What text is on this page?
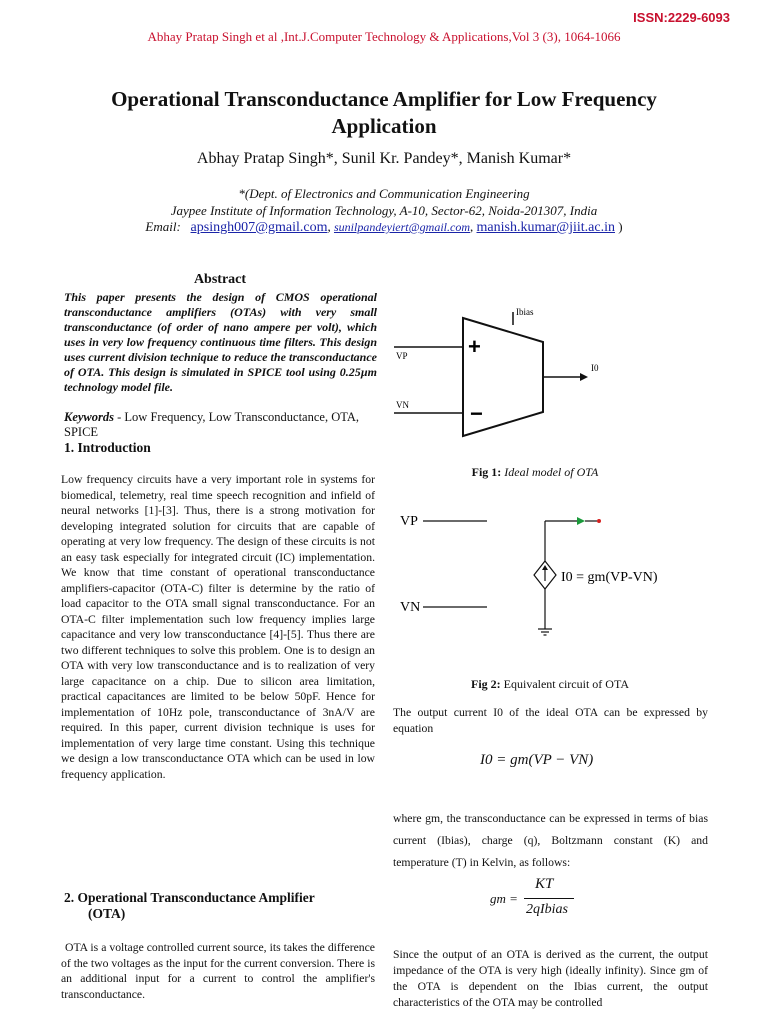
ISSN:2229-6093
Abhay Pratap Singh et al ,Int.J.Computer Technology & Applications,Vol 3 (3), 1064-1066
Operational Transconductance Amplifier for Low Frequency
Application
Abhay Pratap Singh*, Sunil Kr. Pandey*, Manish Kumar*
*(Dept. of Electronics and Communication Engineering
Jaypee Institute of Information Technology, A-10, Sector-62, Noida-201307, India
Email: apsingh007@gmail.com, sunilpandeyiert@gmail.com, manish.kumar@jiit.ac.in )
Abstract
This paper presents the design of CMOS operational transconductance amplifiers (OTAs) with very small transconductance (of order of nano ampere per volt), which uses in very low frequency continuous time filters. This design uses current division technique to reduce the transconductance of OTA. This design is simulated in SPICE tool using 0.25µm technology model file.
Keywords - Low Frequency, Low Transconductance, OTA, SPICE
1. Introduction
Low frequency circuits have a very important role in systems for biomedical, telemetry, real time speech recognition and infield of neural networks [1]-[3]. Thus, there is a strong motivation for developing integrated solution for circuits that are capable of operating at very low frequency. The design of these circuits is not an easy task especially for integrated circuit (IC) implementation. We know that time constant of operational transconductance amplifiers-capacitor (OTA-C) filter is determine by the ratio of load capacitor to the OTA small signal transconductance. For an OTA-C filter implementation such low frequency implies large capacitance and very low transconductance [4]-[5]. Thus there are two different techniques to solve this problem. One is to design an OTA with very low transconductance and is to realization of very large capacitance on a chip. Due to silicon area limitation, practical capacitances are limited to be below 50pF. Hence for implementation of 10Hz pole, transconductance of 3nA/V are required. In this paper, current division technique is uses for implementation of very large time constant. Using this technique we design a low transconductance OTA which can be used in low frequency application.
2. Operational Transconductance Amplifier
(OTA)
OTA is a voltage controlled current source, its takes the difference of the two voltages as the input for the current conversion. There is an additional input for a current to control the amplifier's transconductance.
Ibias
VP
VN
+
−
I0
Fig 1: Ideal model of OTA
VP
VN
I0 = gm(VP-VN)
Fig 2: Equivalent circuit of OTA
The output current I0 of the ideal OTA can be expressed by equation
I0 = gm(VP − VN)
where gm, the transconductance can be expressed in terms of bias current (Ibias), charge (q), Boltzmann constant (K) and temperature (T) in Kelvin, as follows:
gm =
KT
2qIbias
Since the output of an OTA is derived as the current, the output impedance of the OTA is very high (ideally infinity). Since gm of the OTA is dependent on the Ibias current, the output characteristics of the OTA may be controlled
